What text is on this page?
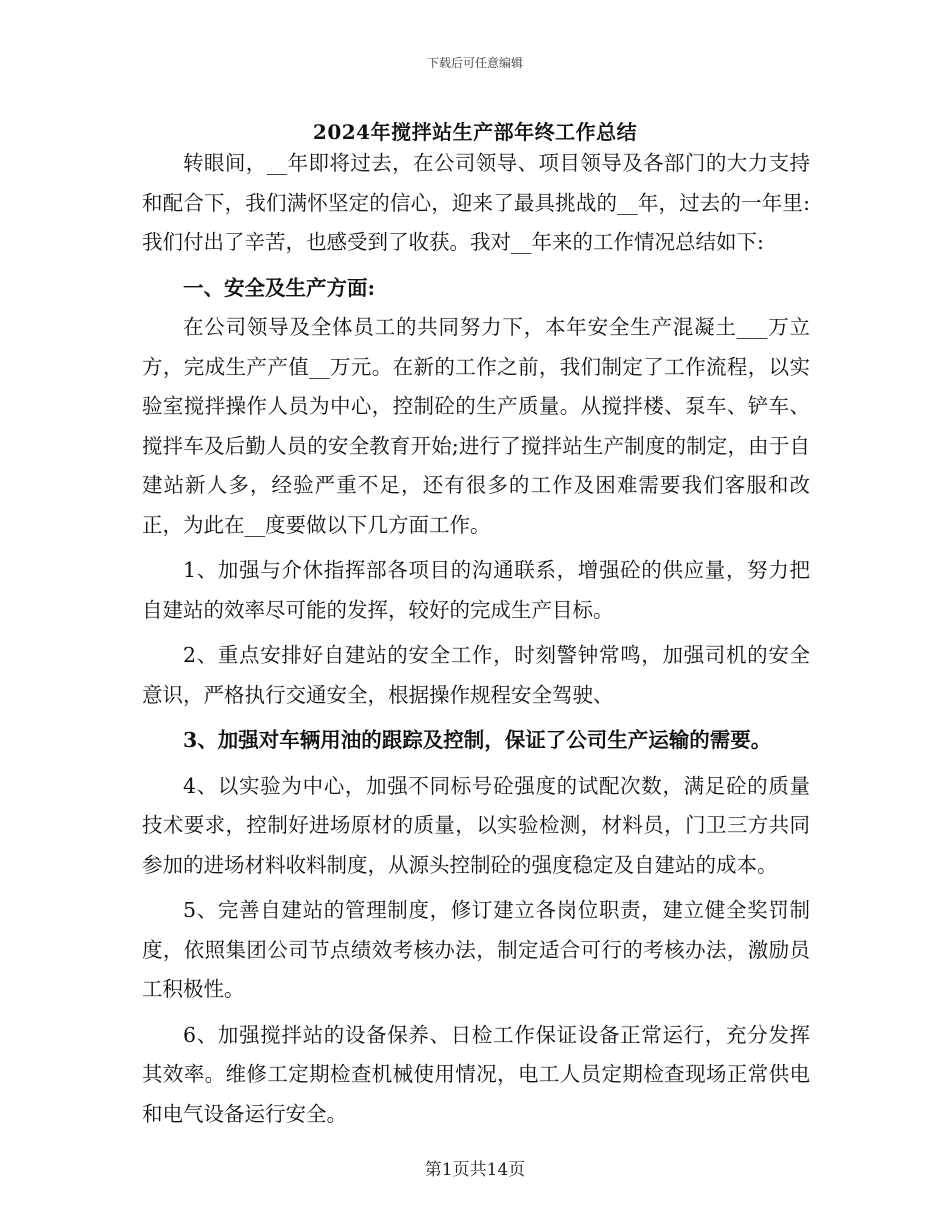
下载后可任意编辑
2024年搅拌站生产部年终工作总结

转眼间，__年即将过去，在公司领导、项目领导及各部门的大力支持和配合下，我们满怀坚定的信心，迎来了最具挑战的__年，过去的一年里:我们付出了辛苦，也感受到了收获。我对__年来的工作情况总结如下:

一、安全及生产方面:

在公司领导及全体员工的共同努力下，本年安全生产混凝土___万立方，完成生产产值__万元。在新的工作之前，我们制定了工作流程，以实验室搅拌操作人员为中心，控制砼的生产质量。从搅拌楼、泵车、铲车、搅拌车及后勤人员的安全教育开始;进行了搅拌站生产制度的制定，由于自建站新人多，经验严重不足，还有很多的工作及困难需要我们客服和改正，为此在__度要做以下几方面工作。

1、加强与介休指挥部各项目的沟通联系，增强砼的供应量，努力把自建站的效率尽可能的发挥，较好的完成生产目标。

2、重点安排好自建站的安全工作，时刻警钟常鸣，加强司机的安全意识，严格执行交通安全，根据操作规程安全驾驶、

3、加强对车辆用油的跟踪及控制，保证了公司生产运输的需要。

4、以实验为中心，加强不同标号砼强度的试配次数，满足砼的质量技术要求，控制好进场原材的质量，以实验检测，材料员，门卫三方共同参加的进场材料收料制度，从源头控制砼的强度稳定及自建站的成本。

5、完善自建站的管理制度，修订建立各岗位职责，建立健全奖罚制度，依照集团公司节点绩效考核办法，制定适合可行的考核办法，激励员工积极性。

6、加强搅拌站的设备保养、日检工作保证设备正常运行，充分发挥其效率。维修工定期检查机械使用情况，电工人员定期检查现场正常供电和电气设备运行安全。

第1页共14页
